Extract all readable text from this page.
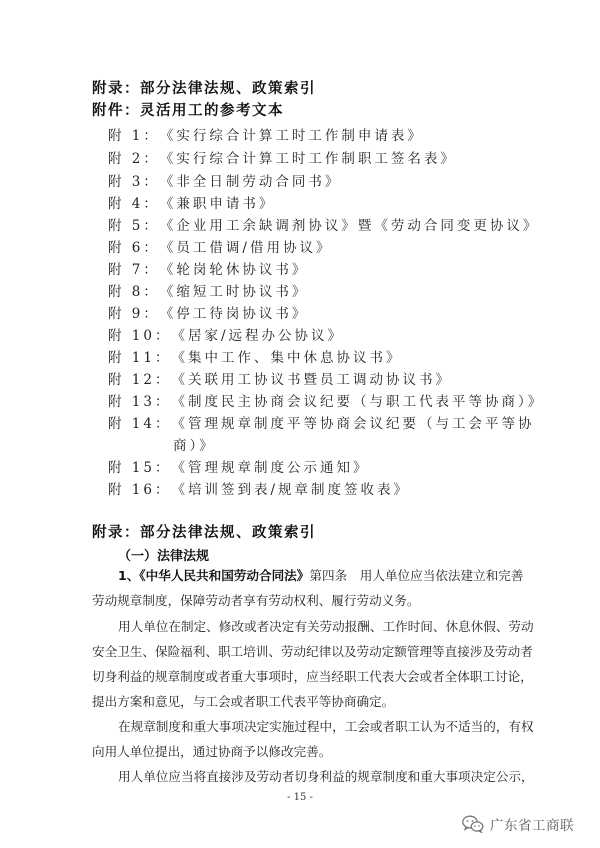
附录：部分法律法规、政策索引
附件：灵活用工的参考文本
附 1：《实行综合计算工时工作制申请表》
附 2：《实行综合计算工时工作制职工签名表》
附 3：《非全日制劳动合同书》
附 4：《兼职申请书》
附 5：《企业用工余缺调剂协议》暨《劳动合同变更协议》
附 6：《员工借调/借用协议》
附 7：《轮岗轮休协议书》
附 8：《缩短工时协议书》
附 9：《停工待岗协议书》
附 10：《居家/远程办公协议》
附 11：《集中工作、集中休息协议书》
附 12：《关联用工协议书暨员工调动协议书》
附 13：《制度民主协商会议纪要（与职工代表平等协商）》
附 14：《管理规章制度平等协商会议纪要（与工会平等协
商）》
附 15：《管理规章制度公示通知》
附 16：《培训签到表/规章制度签收表》
附录：部分法律法规、政策索引
（一）法律法规
1、《中华人民共和国劳动合同法》第四条　用人单位应当依法建立和完善
劳动规章制度，保障劳动者享有劳动权利、履行劳动义务。
用人单位在制定、修改或者决定有关劳动报酬、工作时间、休息休假、劳动
安全卫生、保险福利、职工培训、劳动纪律以及劳动定额管理等直接涉及劳动者
切身利益的规章制度或者重大事项时，应当经职工代表大会或者全体职工讨论，
提出方案和意见，与工会或者职工代表平等协商确定。
在规章制度和重大事项决定实施过程中，工会或者职工认为不适当的，有权
向用人单位提出，通过协商予以修改完善。
用人单位应当将直接涉及劳动者切身利益的规章制度和重大事项决定公示，
- 15 -
广东省工商联
